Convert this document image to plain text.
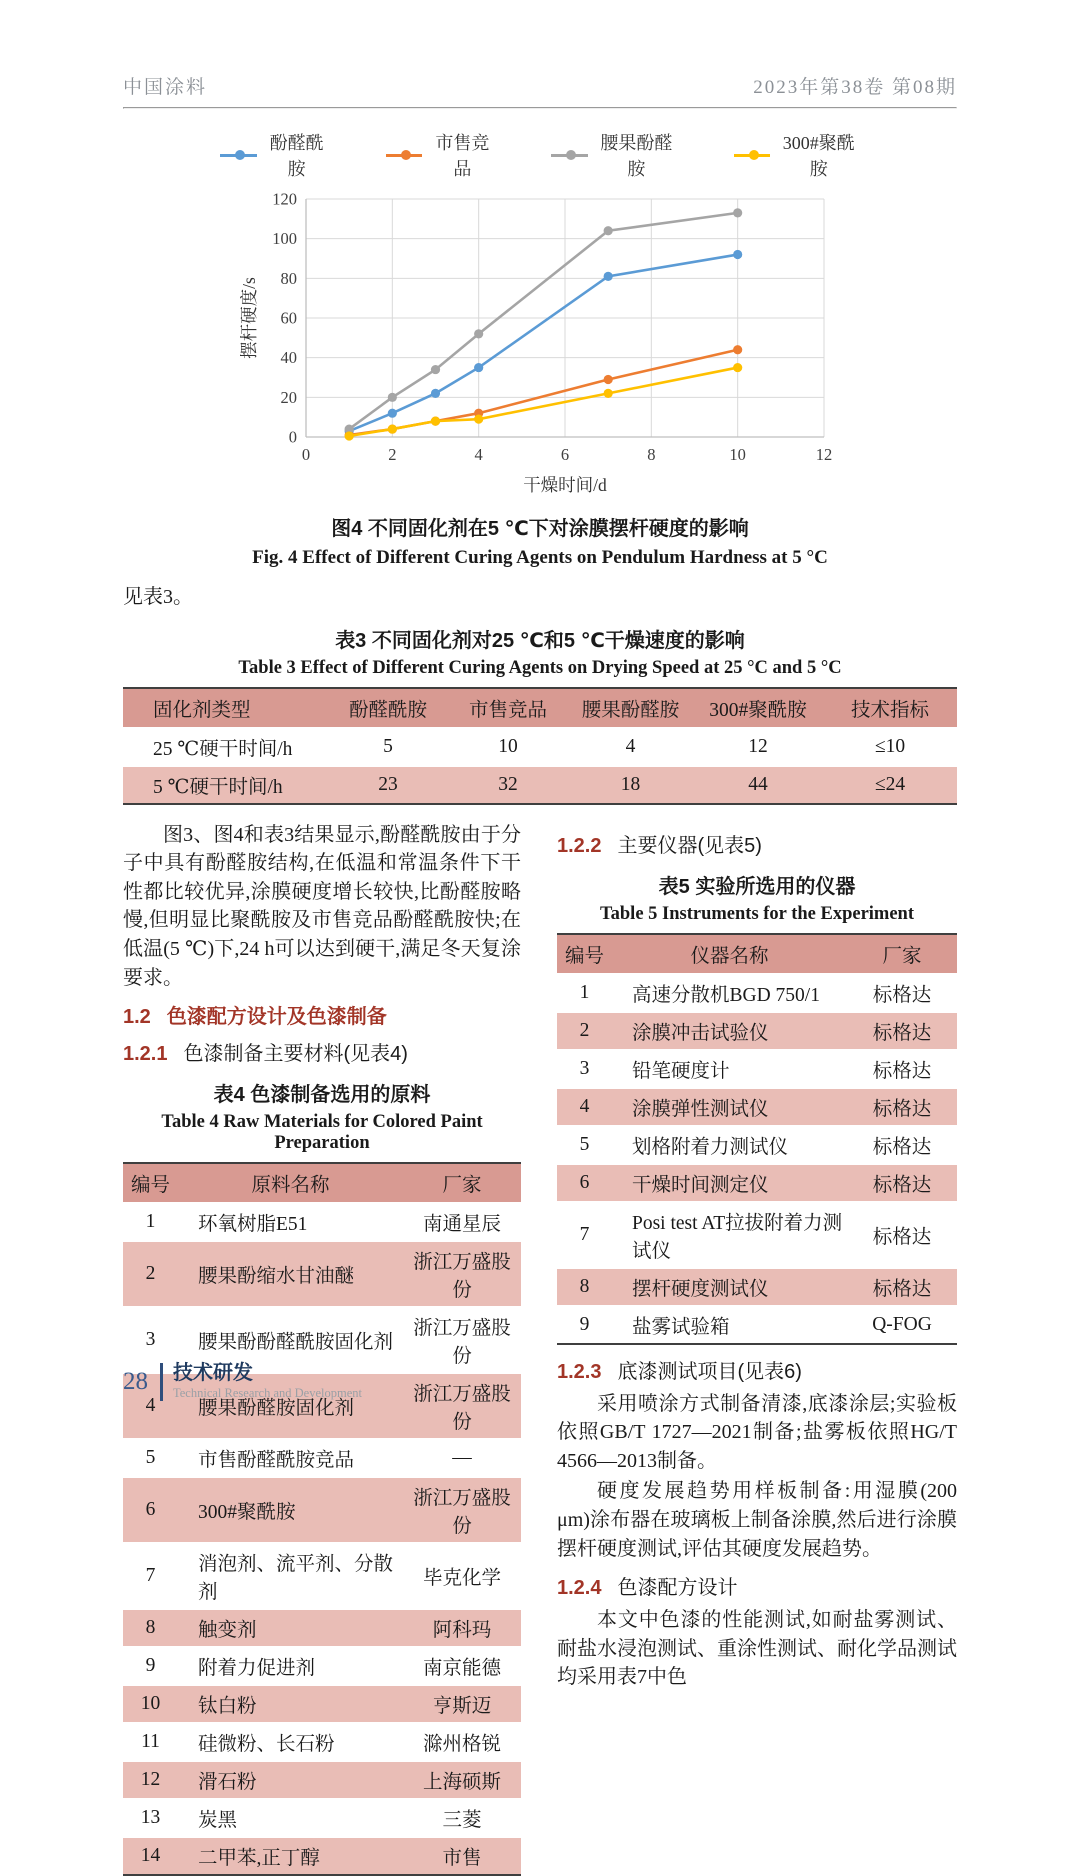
中国涂料	2023年第38卷 第08期
酚醛酰胺
市售竞品
腰果酚醛胺
300#聚酰胺
0
20
40
60
80
100
120
0	2	4	6	8	10	12
干燥时间/d
摆杆硬度/s
图4 不同固化剂在5 ℃下对涂膜摆杆硬度的影响
Fig. 4 Effect of Different Curing Agents on Pendulum Hardness at 5 °C

见表3。

表3 不同固化剂对25 ℃和5 ℃干燥速度的影响
Table 3 Effect of Different Curing Agents on Drying Speed at 25 °C and 5 °C
固化剂类型	酚醛酰胺	市售竞品	腰果酚醛胺	300#聚酰胺	技术指标
25 ℃硬干时间/h	5	10	4	12	≤10
5 ℃硬干时间/h	23	32	18	44	≤24

图3、图4和表3结果显示,酚醛酰胺由于分子中具有酚醛胺结构,在低温和常温条件下干性都比较优异,涂膜硬度增长较快,比酚醛胺略慢,但明显比聚酰胺及市售竞品酚醛酰胺快;在低温(5 ℃)下,24 h可以达到硬干,满足冬天复涂要求。

1.2 色漆配方设计及色漆制备
1.2.1 色漆制备主要材料(见表4)
表4 色漆制备选用的原料
Table 4 Raw Materials for Colored Paint Preparation
编号	原料名称	厂家
1	环氧树脂E51	南通星辰
2	腰果酚缩水甘油醚	浙江万盛股份
3	腰果酚酚醛酰胺固化剂	浙江万盛股份
4	腰果酚醛胺固化剂	浙江万盛股份
5	市售酚醛酰胺竞品	—
6	300#聚酰胺	浙江万盛股份
7	消泡剂、流平剂、分散剂	毕克化学
8	触变剂	阿科玛
9	附着力促进剂	南京能德
10	钛白粉	亨斯迈
11	硅微粉、长石粉	滁州格锐
12	滑石粉	上海硕斯
13	炭黑	三菱
14	二甲苯,正丁醇	市售
1.2.2 主要仪器(见表5)
表5 实验所选用的仪器
Table 5 Instruments for the Experiment
编号	仪器名称	厂家
1	高速分散机BGD 750/1	标格达
2	涂膜冲击试验仪	标格达
3	铅笔硬度计	标格达
4	涂膜弹性测试仪	标格达
5	划格附着力测试仪	标格达
6	干燥时间测定仪	标格达
7	Posi test AT拉拔附着力测试仪	标格达
8	摆杆硬度测试仪	标格达
9	盐雾试验箱	Q-FOG
1.2.3 底漆测试项目(见表6)

采用喷涂方式制备清漆,底漆涂层;实验板依照GB/T 1727—2021制备;盐雾板依照HG/T 4566—2013制备。

硬度发展趋势用样板制备:用湿膜(200 μm)涂布器在玻璃板上制备涂膜,然后进行涂膜摆杆硬度测试,评估其硬度发展趋势。

1.2.4 色漆配方设计

本文中色漆的性能测试,如耐盐雾测试、耐盐水浸泡测试、重涂性测试、耐化学品测试均采用表7中色

28 技术研发
Technical Research and Development
